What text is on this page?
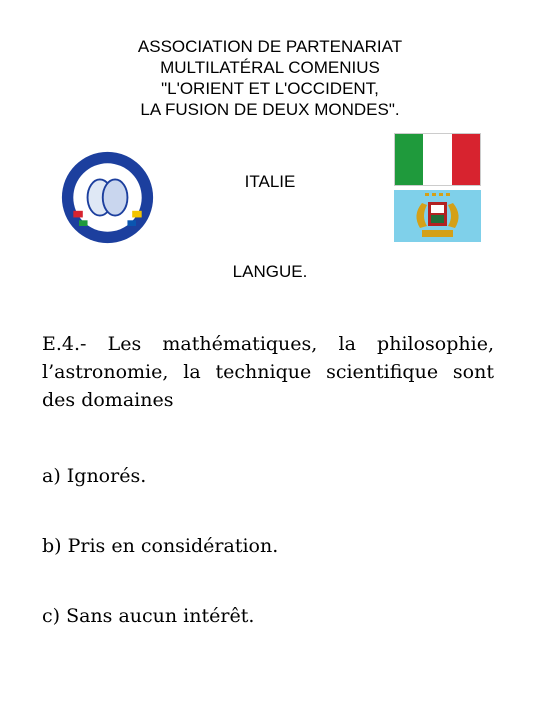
ASSOCIATION DE PARTENARIAT
MULTILATÉRAL COMENIUS
"L'ORIENT ET L'OCCIDENT,
LA FUSION DE DEUX MONDES".
ITALIE
LANGUE.
E.4.- Les mathématiques, la philosophie, l’astronomie, la technique scientifique sont des domaines
a) Ignorés.
b) Pris en considération.
c) Sans aucun intérêt.
